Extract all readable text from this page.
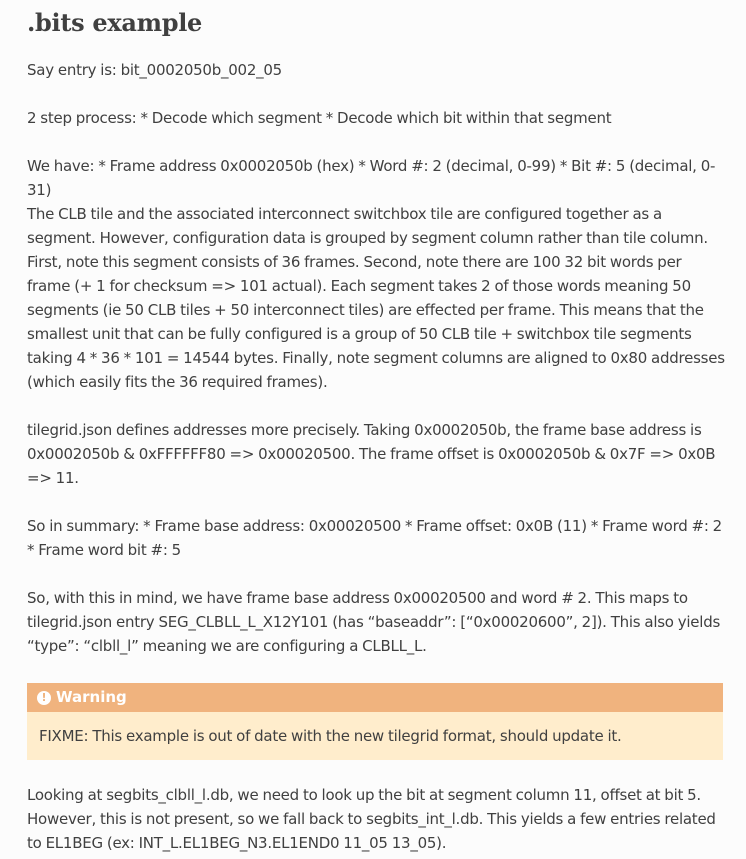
.bits example

Say entry is: bit_0002050b_002_05

2 step process: * Decode which segment * Decode which bit within that segment

We have: * Frame address 0x0002050b (hex) * Word #: 2 (decimal, 0-99) * Bit #: 5 (decimal, 0-31)

The CLB tile and the associated interconnect switchbox tile are configured together as a segment. However, configuration data is grouped by segment column rather than tile column. First, note this segment consists of 36 frames. Second, note there are 100 32 bit words per frame (+ 1 for checksum => 101 actual). Each segment takes 2 of those words meaning 50 segments (ie 50 CLB tiles + 50 interconnect tiles) are effected per frame. This means that the smallest unit that can be fully configured is a group of 50 CLB tile + switchbox tile segments taking 4 * 36 * 101 = 14544 bytes. Finally, note segment columns are aligned to 0x80 addresses (which easily fits the 36 required frames).

tilegrid.json defines addresses more precisely. Taking 0x0002050b, the frame base address is 0x0002050b & 0xFFFFFF80 => 0x00020500. The frame offset is 0x0002050b & 0x7F => 0x0B => 11.

So in summary: * Frame base address: 0x00020500 * Frame offset: 0x0B (11) * Frame word #: 2 * Frame word bit #: 5

So, with this in mind, we have frame base address 0x00020500 and word # 2. This maps to tilegrid.json entry SEG_CLBLL_L_X12Y101 (has “baseaddr”: [“0x00020600”, 2]). This also yields “type”: “clbll_l” meaning we are configuring a CLBLL_L.

! Warning
FIXME: This example is out of date with the new tilegrid format, should update it.

Looking at segbits_clbll_l.db, we need to look up the bit at segment column 11, offset at bit 5. However, this is not present, so we fall back to segbits_int_l.db. This yields a few entries related to EL1BEG (ex: INT_L.EL1BEG_N3.EL1END0 11_05 13_05).
